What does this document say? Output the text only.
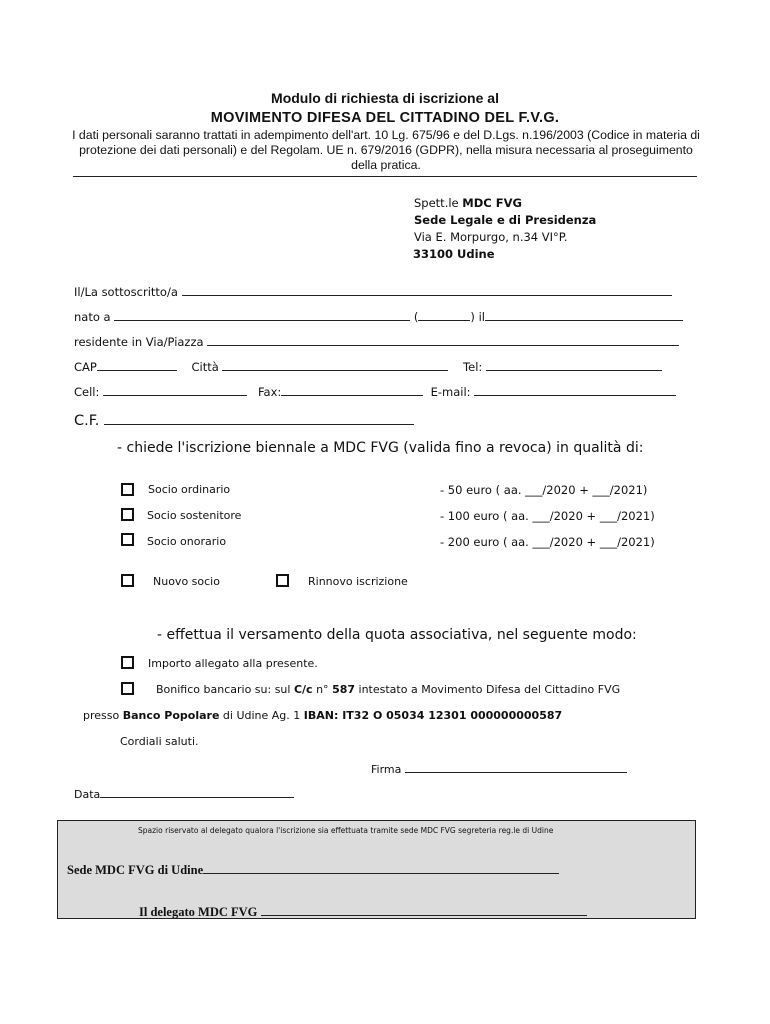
Modulo di richiesta di iscrizione al
MOVIMENTO DIFESA DEL CITTADINO DEL F.V.G.
I dati personali saranno trattati in adempimento dell'art. 10 Lg. 675/96 e del D.Lgs. n.196/2003 (Codice in materia di protezione dei dati personali) e del Regolam. UE n. 679/2016 (GDPR), nella misura necessaria al proseguimento della pratica.
Spett.le MDC FVG
Sede Legale e di Presidenza
Via E. Morpurgo, n.34 VI°P.
33100 Udine
Il/La sottoscritto/a
nato a	(	) il
residente in Via/Piazza
CAP	Città	Tel:
Cell:	Fax:	E-mail:
C.F.
- chiede l'iscrizione biennale a MDC FVG (valida fino a revoca) in qualità di:
Socio ordinario	- 50 euro ( aa. ___/2020 + ___/2021)
Socio sostenitore	- 100 euro ( aa. ___/2020 + ___/2021)
Socio onorario	- 200 euro ( aa. ___/2020 + ___/2021)
Nuovo socio	Rinnovo iscrizione
- effettua il versamento della quota associativa, nel seguente modo:
Importo allegato alla presente.
Bonifico bancario su: sul C/c n° 587 intestato a Movimento Difesa del Cittadino FVG
presso Banco Popolare di Udine Ag. 1 IBAN: IT32 O 05034 12301 000000000587
Cordiali saluti.
Firma
Data
Spazio riservato al delegato qualora l'iscrizione sia effettuata tramite sede MDC FVG segreteria reg.le di Udine
Sede MDC FVG di Udine
Il delegato MDC FVG
